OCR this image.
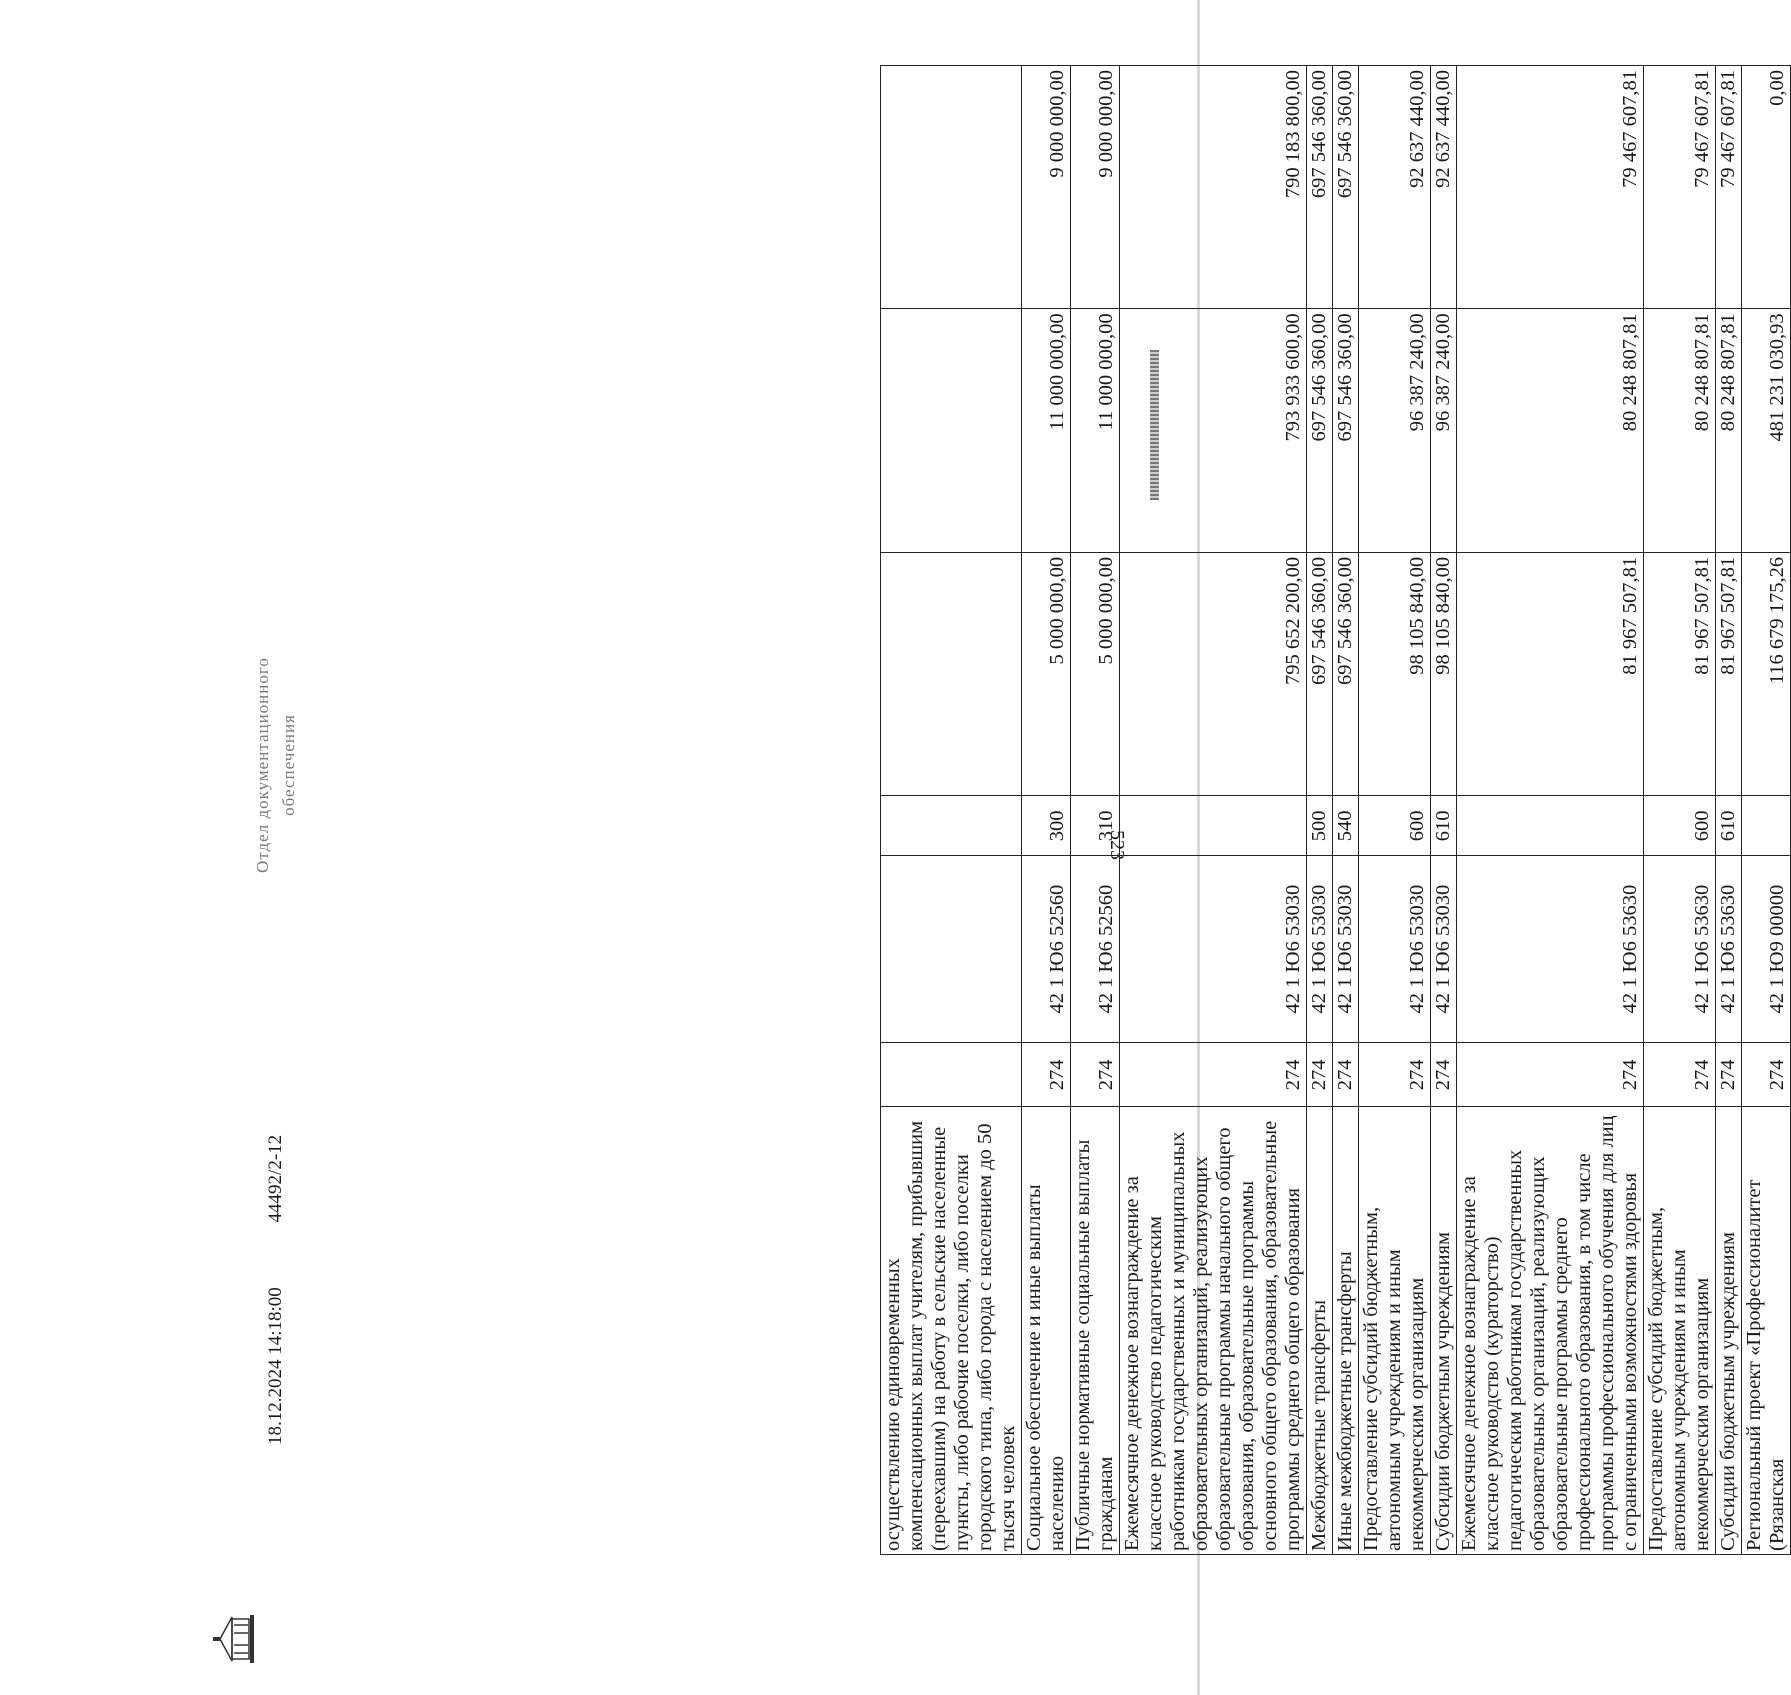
523
осуществлению единовременных компенсационных выплат учителям, прибывшим (переехавшим) на работу в сельские населенные пункты, либо рабочие поселки, либо поселки городского типа, либо города с населением до 50 тысяч человек						
Социальное обеспечение и иные выплаты населению	274	42 1 Ю6 52560	300	5 000 000,00	11 000 000,00	9 000 000,00
Публичные нормативные социальные выплаты гражданам	274	42 1 Ю6 52560	310	5 000 000,00	11 000 000,00	9 000 000,00
Ежемесячное денежное вознаграждение за классное руководство педагогическим работникам государственных и муниципальных образовательных организаций, реализующих образовательные программы начального общего образования, образовательные программы основного общего образования, образовательные программы среднего общего образования	274	42 1 Ю6 53030		795 652 200,00	793 933 600,00	790 183 800,00
Межбюджетные трансферты	274	42 1 Ю6 53030	500	697 546 360,00	697 546 360,00	697 546 360,00
Иные межбюджетные трансферты	274	42 1 Ю6 53030	540	697 546 360,00	697 546 360,00	697 546 360,00
Предоставление субсидий бюджетным, автономным учреждениям и иным некоммерческим организациям	274	42 1 Ю6 53030	600	98 105 840,00	96 387 240,00	92 637 440,00
Субсидии бюджетным учреждениям	274	42 1 Ю6 53030	610	98 105 840,00	96 387 240,00	92 637 440,00
Ежемесячное денежное вознаграждение за классное руководство (кураторство) педагогическим работникам государственных образовательных организаций, реализующих образовательные программы среднего профессионального образования, в том числе программы профессионального обучения для лиц с ограниченными возможностями здоровья	274	42 1 Ю6 53630		81 967 507,81	80 248 807,81	79 467 607,81
Предоставление субсидий бюджетным, автономным учреждениям и иным некоммерческим организациям	274	42 1 Ю6 53630	600	81 967 507,81	80 248 807,81	79 467 607,81
Субсидии бюджетным учреждениям	274	42 1 Ю6 53630	610	81 967 507,81	80 248 807,81	79 467 607,81
Региональный проект «Профессионалитет (Рязанская	274	42 1 Ю9 00000		116 679 175,26	481 231 030,93	0,00
18.12.2024 14:18:00 44492/2-12
Отдел документационного обеспечения
